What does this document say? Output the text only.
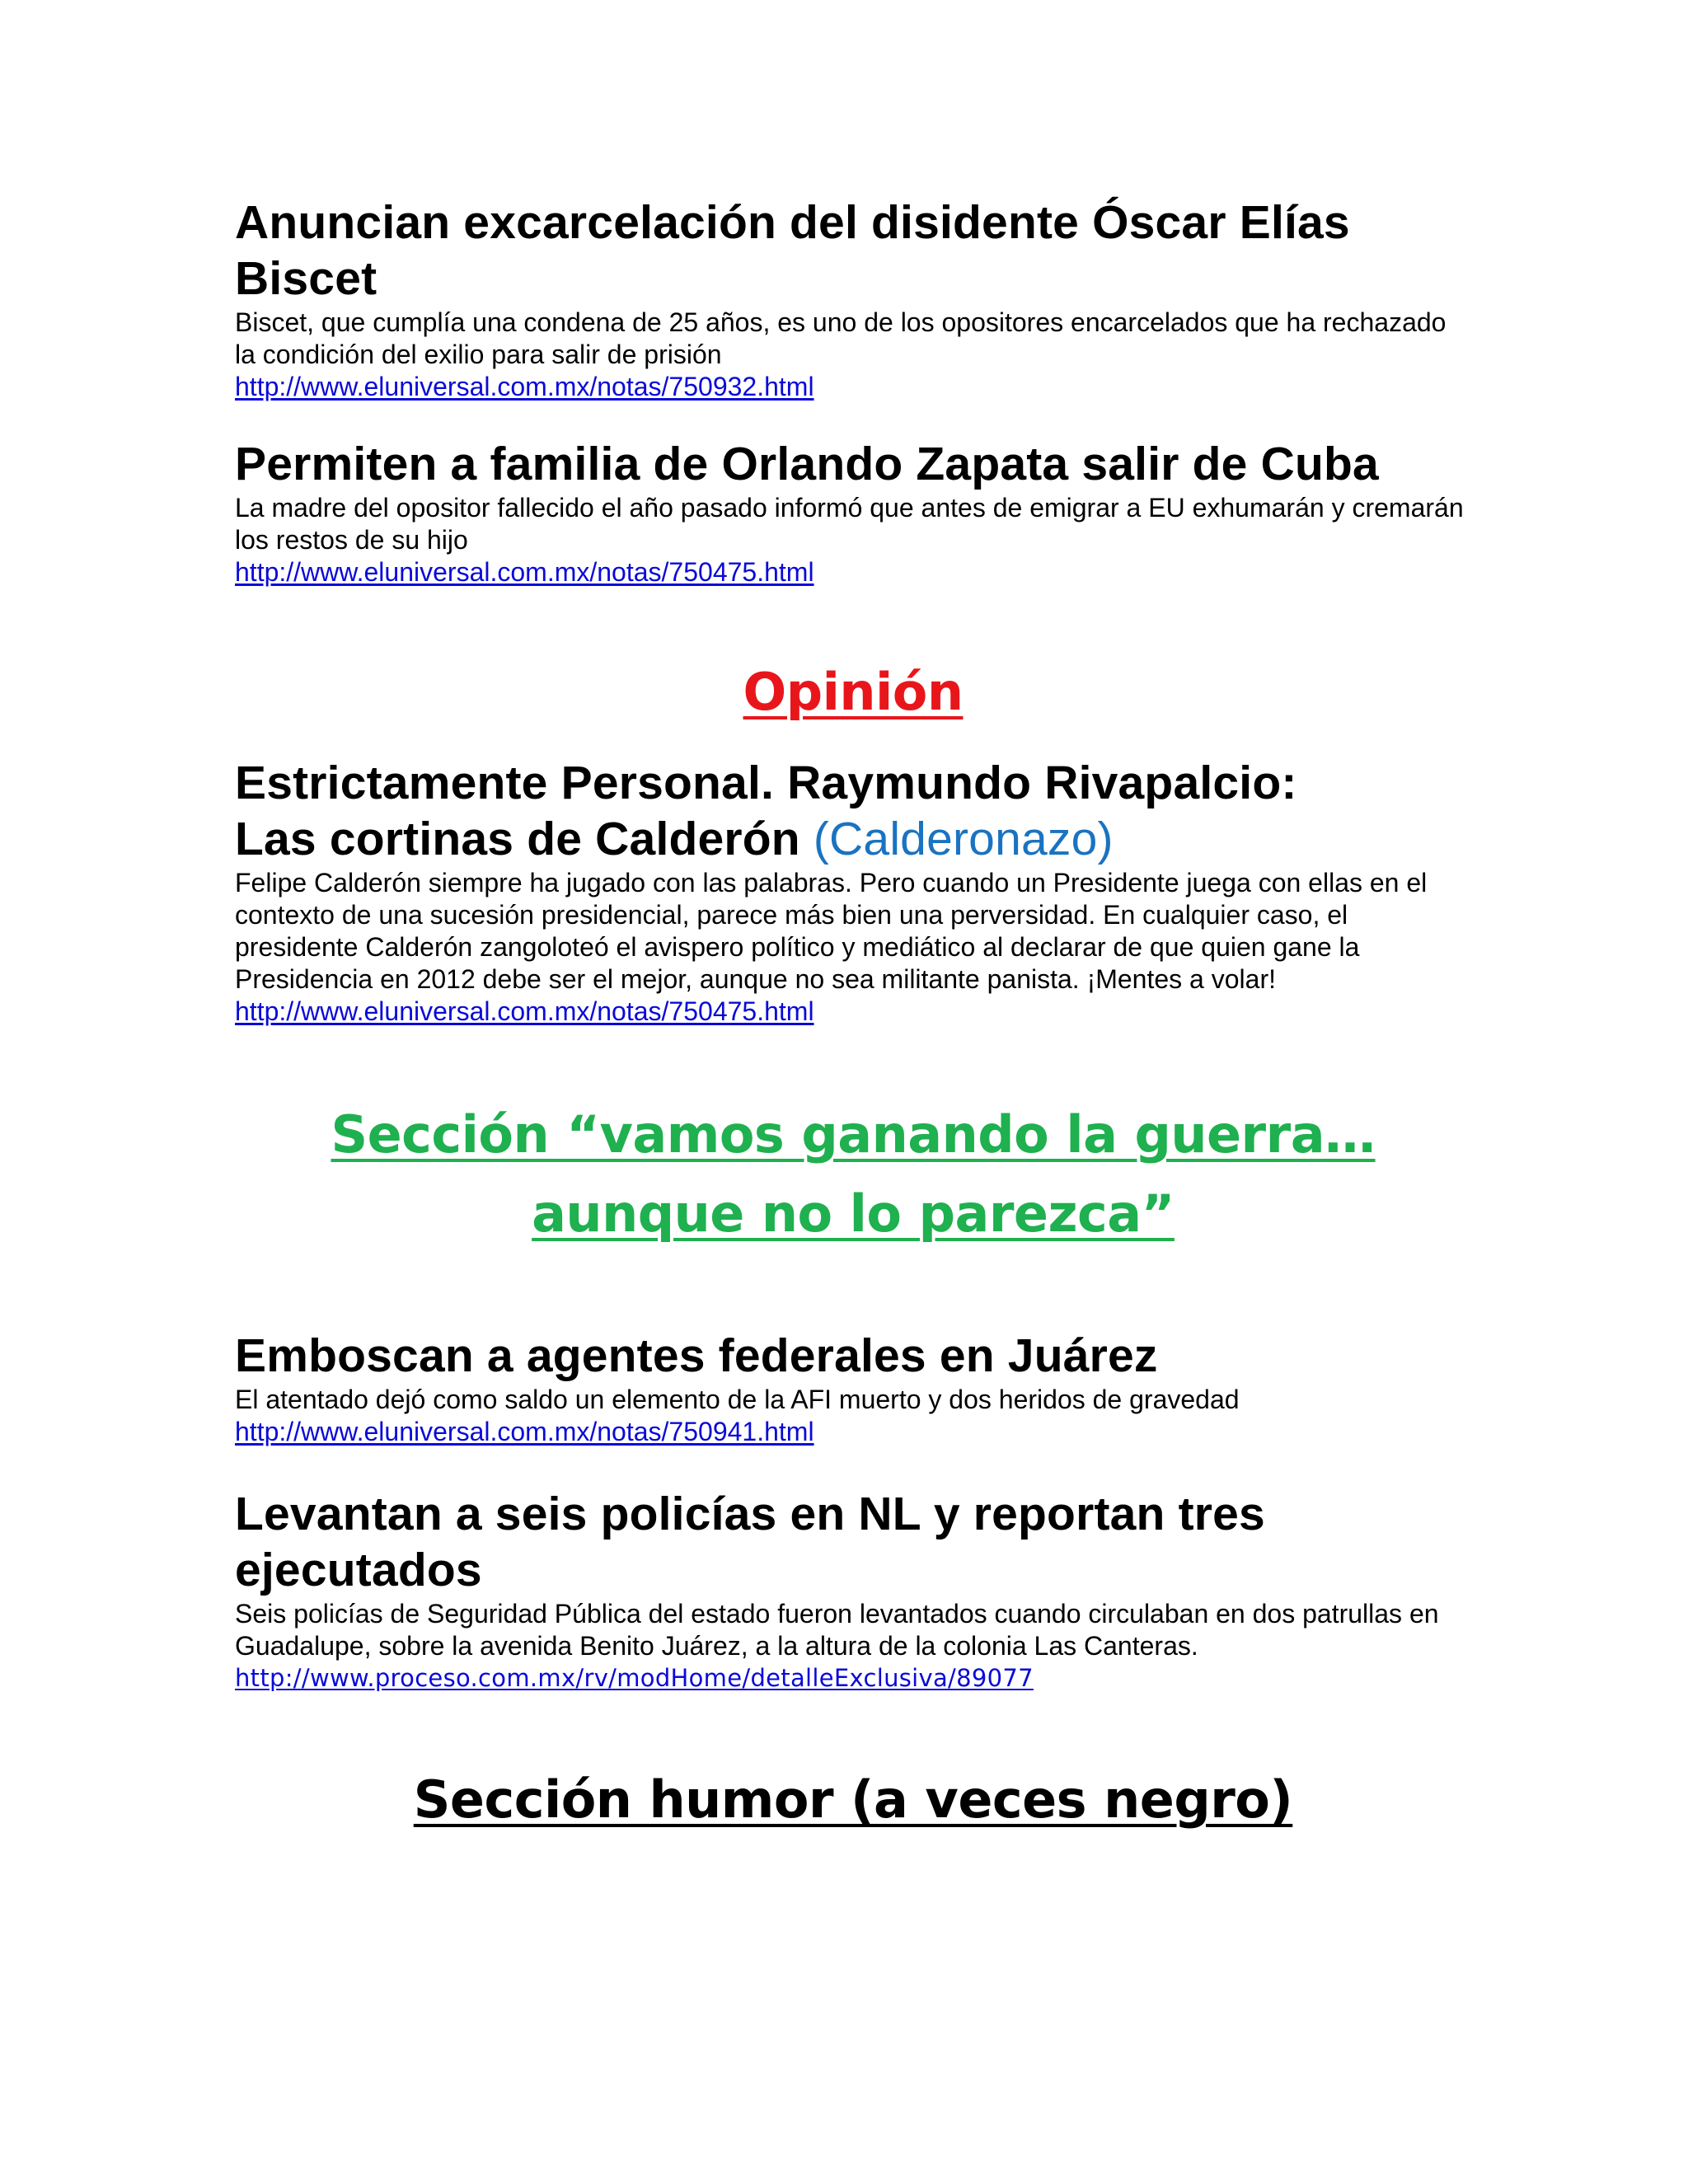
Anuncian excarcelación del disidente Óscar Elías Biscet

Biscet, que cumplía una condena de 25 años, es uno de los opositores encarcelados que ha rechazado la condición del exilio para salir de prisión

http://www.eluniversal.com.mx/notas/750932.html
Permiten a familia de Orlando Zapata salir de Cuba

La madre del opositor fallecido el año pasado informó que antes de emigrar a EU exhumarán y cremarán los restos de su hijo

http://www.eluniversal.com.mx/notas/750475.html
Opinión
Estrictamente Personal. Raymundo Rivapalcio:
Las cortinas de Calderón (Calderonazo)

Felipe Calderón siempre ha jugado con las palabras. Pero cuando un Presidente juega con ellas en el contexto de una sucesión presidencial, parece más bien una perversidad. En cualquier caso, el presidente Calderón zangoloteó el avispero político y mediático al declarar de que quien gane la Presidencia en 2012 debe ser el mejor, aunque no sea militante panista. ¡Mentes a volar!

http://www.eluniversal.com.mx/notas/750475.html
Sección “vamos ganando la guerra… aunque no lo parezca”
Emboscan a agentes federales en Juárez

El atentado dejó como saldo un elemento de la AFI muerto y dos heridos de gravedad

http://www.eluniversal.com.mx/notas/750941.html
Levantan a seis policías en NL y reportan tres ejecutados

Seis policías de Seguridad Pública del estado fueron levantados cuando circulaban en dos patrullas en Guadalupe, sobre la avenida Benito Juárez, a la altura de la colonia Las Canteras.

http://www.proceso.com.mx/rv/modHome/detalleExclusiva/89077
Sección humor (a veces negro)
